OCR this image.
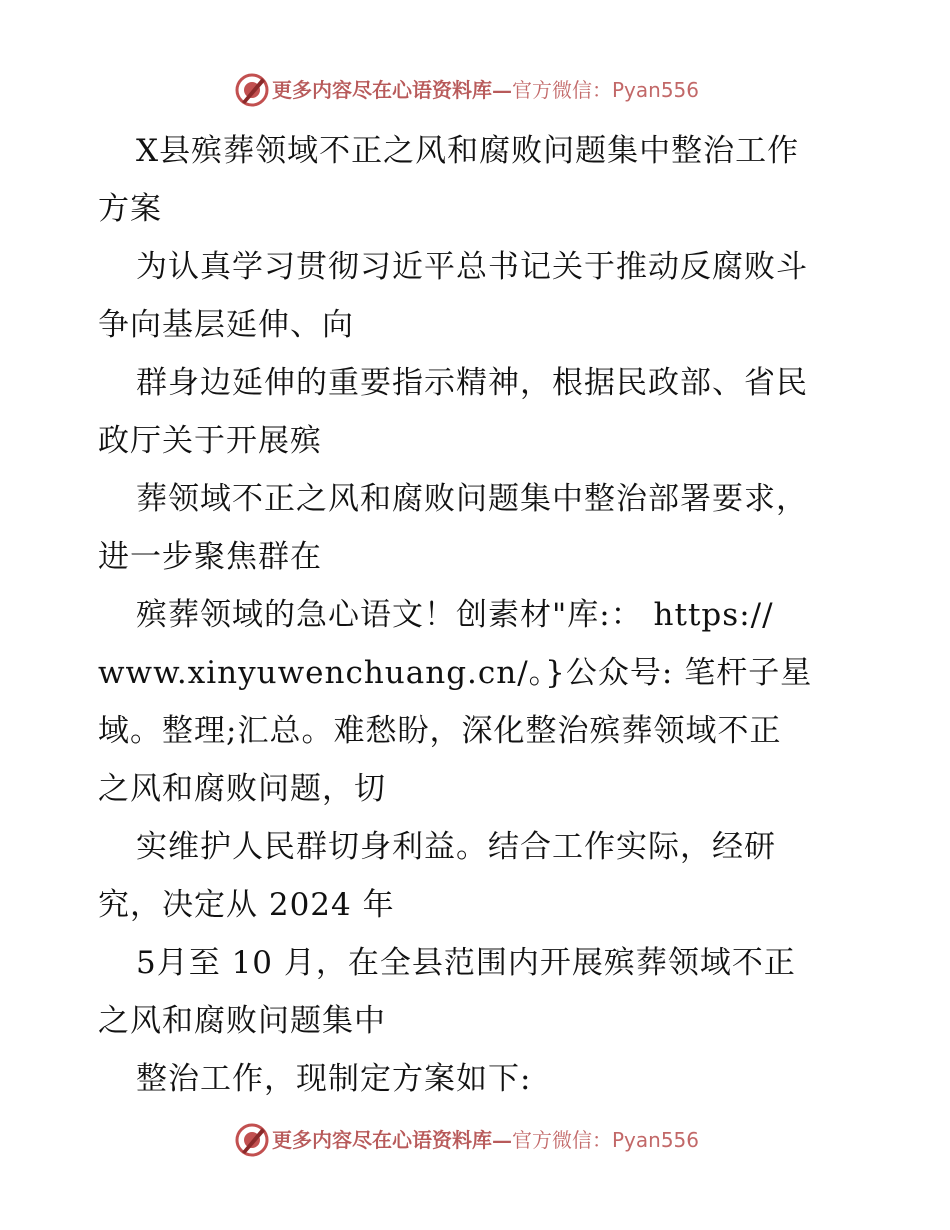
更多内容尽在心语资料库—官方微信：Pyan556
X县殡葬领域不正之风和腐败问题集中整治工作
方案
为认真学习贯彻习近平总书记关于推动反腐败斗
争向基层延伸、向
群身边延伸的重要指示精神，根据民政部、省民
政厅关于开展殡
葬领域不正之风和腐败问题集中整治部署要求，
进一步聚焦群在
殡葬领域的急心语文！创素材"库:： https://
www.xinyuwenchuang.cn/。}公众号: 笔杆子星
域。整理;汇总。难愁盼，深化整治殡葬领域不正
之风和腐败问题，切
实维护人民群切身利益。结合工作实际，经研
究，决定从 2024 年
5月至 10 月，在全县范围内开展殡葬领域不正
之风和腐败问题集中
整治工作，现制定方案如下:
更多内容尽在心语资料库—官方微信：Pyan556
